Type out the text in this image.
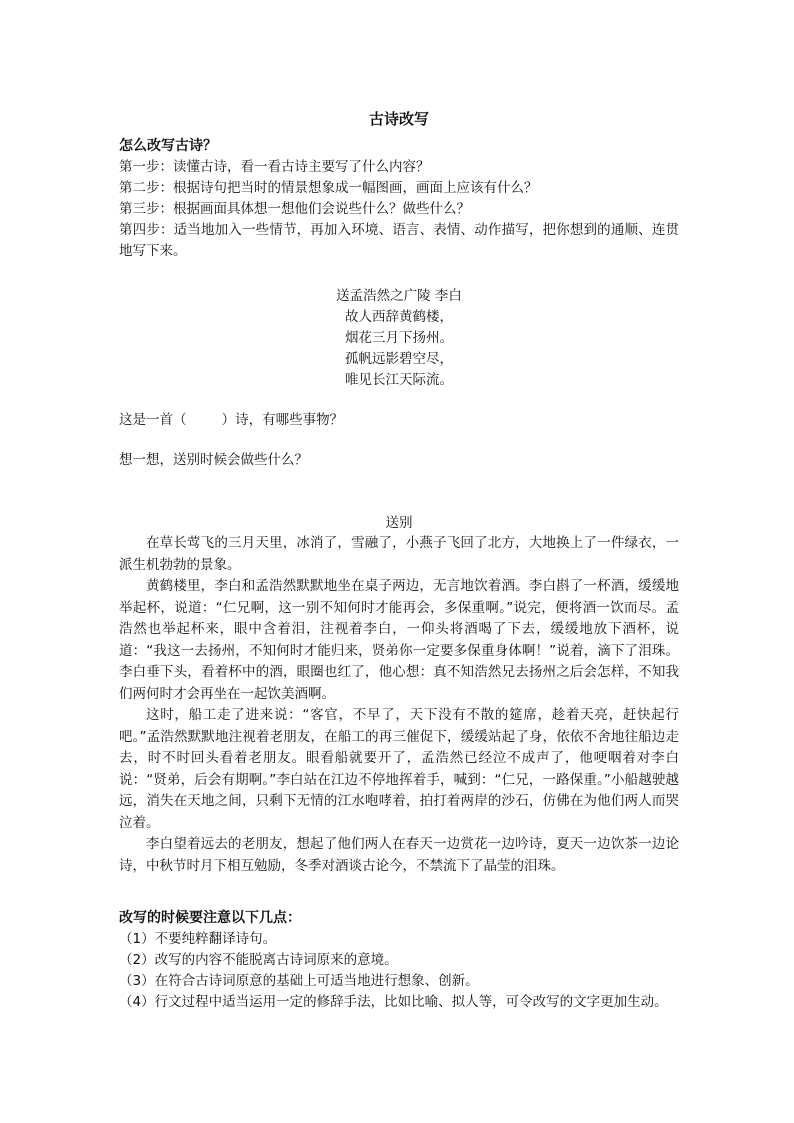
古诗改写
怎么改写古诗？
第一步：读懂古诗，看一看古诗主要写了什么内容？
第二步：根据诗句把当时的情景想象成一幅图画，画面上应该有什么？
第三步：根据画面具体想一想他们会说些什么？做些什么？
第四步：适当地加入一些情节，再加入环境、语言、表情、动作描写，把你想到的通顺、连贯地写下来。
送孟浩然之广陵 李白
故人西辞黄鹤楼，
烟花三月下扬州。
孤帆远影碧空尽，
唯见长江天际流。
这是一首（	）诗，有哪些事物？
想一想，送别时候会做些什么？
送别

在草长莺飞的三月天里，冰消了，雪融了，小燕子飞回了北方，大地换上了一件绿衣，一派生机勃勃的景象。

黄鹤楼里，李白和孟浩然默默地坐在桌子两边，无言地饮着酒。李白斟了一杯酒，缓缓地举起杯，说道：“仁兄啊，这一别不知何时才能再会，多保重啊。”说完，便将酒一饮而尽。孟浩然也举起杯来，眼中含着泪，注视着李白，一仰头将酒喝了下去，缓缓地放下酒杯，说道：“我这一去扬州，不知何时才能归来，贤弟你一定要多保重身体啊！”说着，滴下了泪珠。李白垂下头，看着杯中的酒，眼圈也红了，他心想：真不知浩然兄去扬州之后会怎样，不知我们两何时才会再坐在一起饮美酒啊。

这时，船工走了进来说：“客官，不早了，天下没有不散的筵席，趁着天亮，赶快起行吧。”孟浩然默默地注视着老朋友，在船工的再三催促下，缓缓站起了身，依依不舍地往船边走去，时不时回头看着老朋友。眼看船就要开了，孟浩然已经泣不成声了，他哽咽着对李白说：“贤弟，后会有期啊。”李白站在江边不停地挥着手，喊到：“仁兄，一路保重。”小船越驶越远，消失在天地之间，只剩下无情的江水咆哮着，拍打着两岸的沙石，仿佛在为他们两人而哭泣着。

李白望着远去的老朋友，想起了他们两人在春天一边赏花一边吟诗，夏天一边饮茶一边论诗，中秋节时月下相互勉励，冬季对酒谈古论今，不禁流下了晶莹的泪珠。

改写的时候要注意以下几点：
（1）不要纯粹翻译诗句。
（2）改写的内容不能脱离古诗词原来的意境。
（3）在符合古诗词原意的基础上可适当地进行想象、创新。
（4）行文过程中适当运用一定的修辞手法，比如比喻、拟人等，可令改写的文字更加生动。
